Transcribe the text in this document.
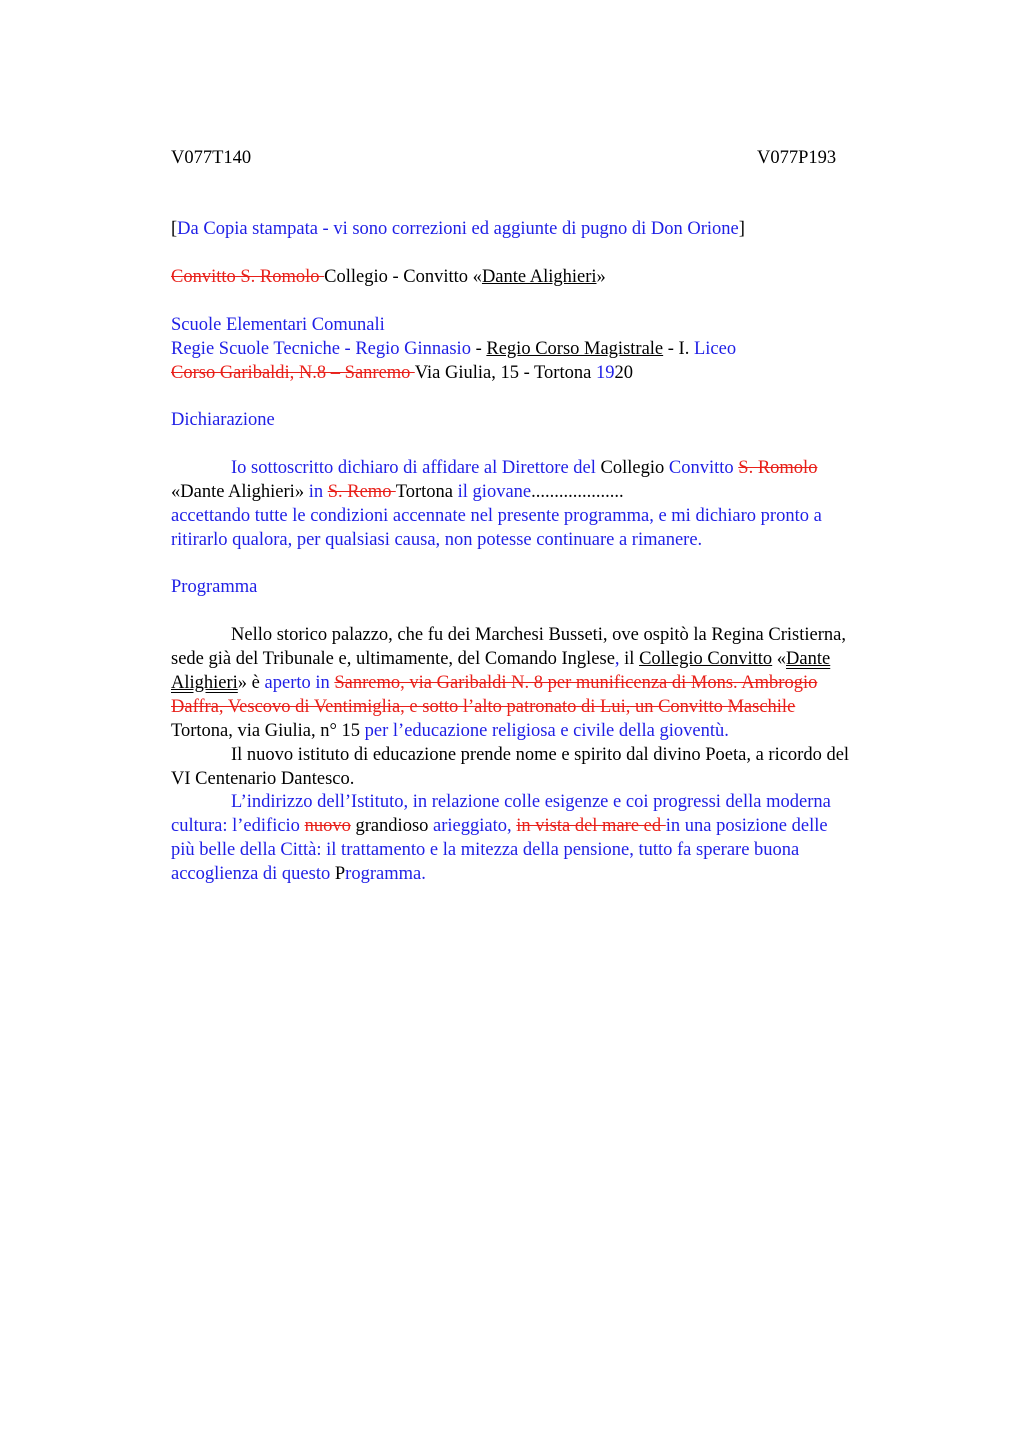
V077T140	V077P193
[Da Copia stampata - vi sono correzioni ed aggiunte di pugno di Don Orione]
Convitto S. Romolo Collegio - Convitto «Dante Alighieri»
Scuole Elementari Comunali
Regie Scuole Tecniche - Regio Ginnasio - Regio Corso Magistrale - I. Liceo
Corso Garibaldi, N.8 – Sanremo Via Giulia, 15 - Tortona 1920
Dichiarazione
Io sottoscritto dichiaro di affidare al Direttore del Collegio Convitto S. Romolo
«Dante Alighieri» in S. Remo Tortona il giovane....................
accettando tutte le condizioni accennate nel presente programma, e mi dichiaro pronto a
ritirarlo qualora, per qualsiasi causa, non potesse continuare a rimanere.
Programma
Nello storico palazzo, che fu dei Marchesi Busseti, ove ospitò la Regina Cristierna,
sede già del Tribunale e, ultimamente, del Comando Inglese, il Collegio Convitto «Dante
Alighieri» è aperto in Sanremo, via Garibaldi N. 8 per munificenza di Mons. Ambrogio
Daffra, Vescovo di Ventimiglia, e sotto l’alto patronato di Lui, un Convitto Maschile
Tortona, via Giulia, n° 15 per l’educazione religiosa e civile della gioventù.
Il nuovo istituto di educazione prende nome e spirito dal divino Poeta, a ricordo del
VI Centenario Dantesco.
L’indirizzo dell’Istituto, in relazione colle esigenze e coi progressi della moderna
cultura: l’edificio nuovo grandioso arieggiato, in vista del mare ed in una posizione delle
più belle della Città: il trattamento e la mitezza della pensione, tutto fa sperare buona
accoglienza di questo Programma.
